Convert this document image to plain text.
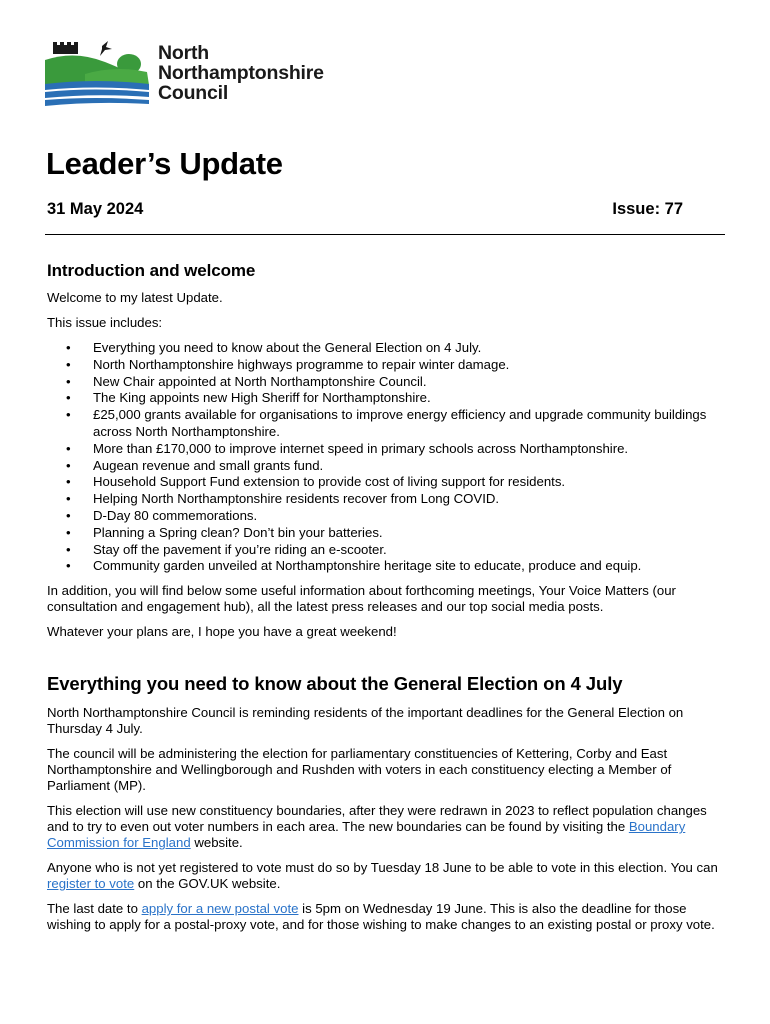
North
Northamptonshire
Council
Leader’s Update
31 May 2024	Issue: 77
Introduction and welcome

Welcome to my latest Update.

This issue includes:

• Everything you need to know about the General Election on 4 July.
• North Northamptonshire highways programme to repair winter damage.
• New Chair appointed at North Northamptonshire Council.
• The King appoints new High Sheriff for Northamptonshire.
• £25,000 grants available for organisations to improve energy efficiency and upgrade community buildings across North Northamptonshire.
• More than £170,000 to improve internet speed in primary schools across Northamptonshire.
• Augean revenue and small grants fund.
• Household Support Fund extension to provide cost of living support for residents.
• Helping North Northamptonshire residents recover from Long COVID.
• D-Day 80 commemorations.
• Planning a Spring clean? Don’t bin your batteries.
• Stay off the pavement if you’re riding an e-scooter.
• Community garden unveiled at Northamptonshire heritage site to educate, produce and equip.

In addition, you will find below some useful information about forthcoming meetings, Your Voice Matters (our consultation and engagement hub), all the latest press releases and our top social media posts.

Whatever your plans are, I hope you have a great weekend!

Everything you need to know about the General Election on 4 July

North Northamptonshire Council is reminding residents of the important deadlines for the General Election on Thursday 4 July.

The council will be administering the election for parliamentary constituencies of Kettering, Corby and East Northamptonshire and Wellingborough and Rushden with voters in each constituency electing a Member of Parliament (MP).

This election will use new constituency boundaries, after they were redrawn in 2023 to reflect population changes and to try to even out voter numbers in each area. The new boundaries can be found by visiting the Boundary Commission for England website.

Anyone who is not yet registered to vote must do so by Tuesday 18 June to be able to vote in this election. You can register to vote on the GOV.UK website.

The last date to apply for a new postal vote is 5pm on Wednesday 19 June. This is also the deadline for those wishing to apply for a postal-proxy vote, and for those wishing to make changes to an existing postal or proxy vote.
